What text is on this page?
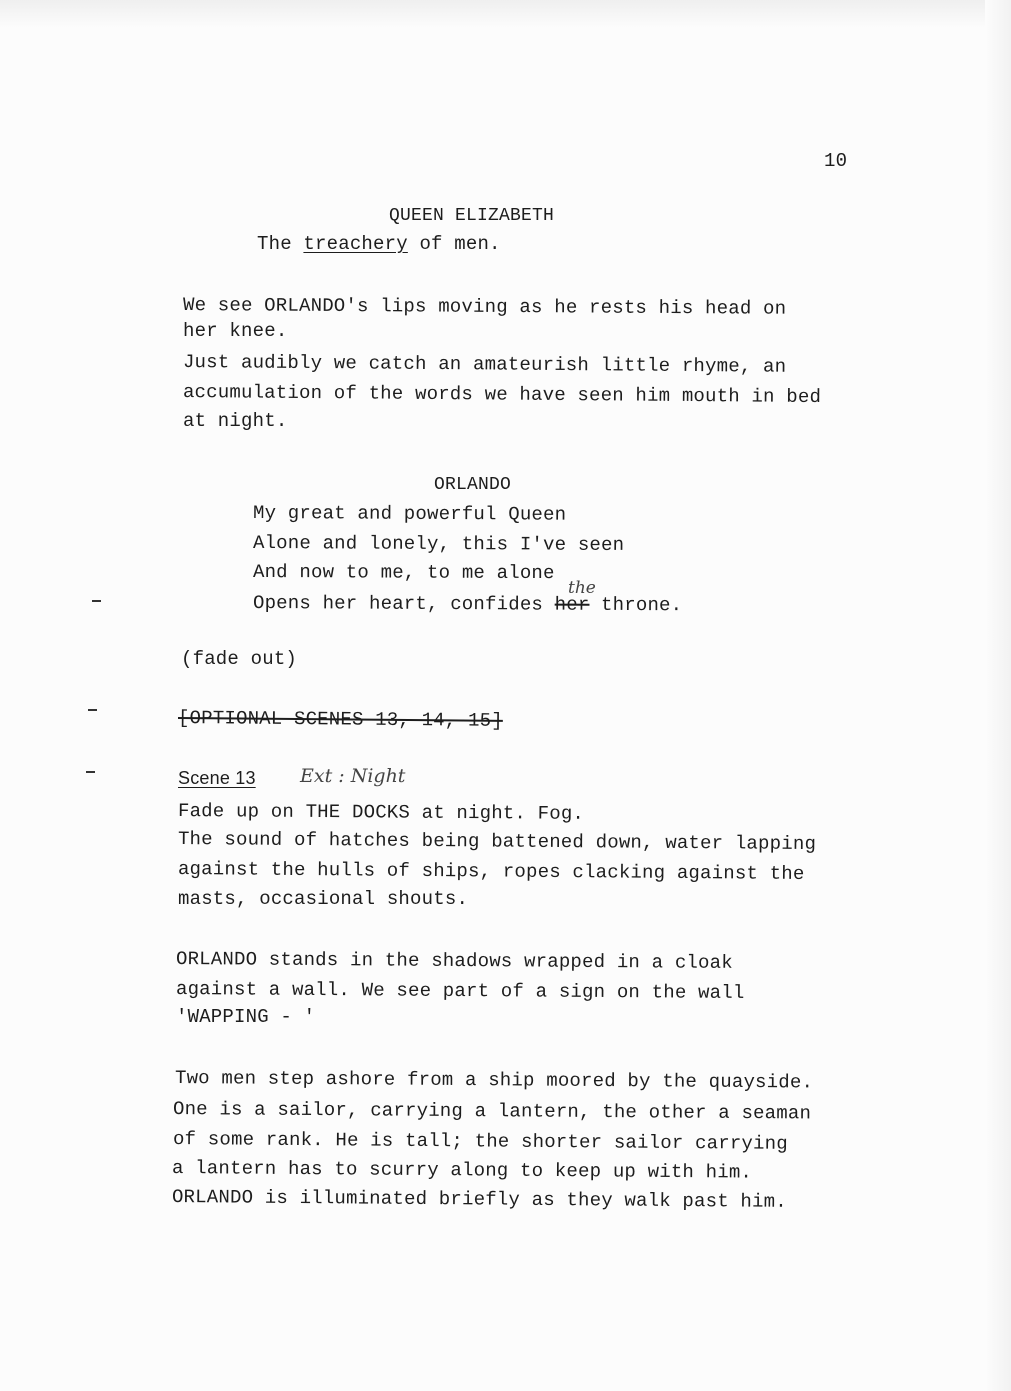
10
QUEEN ELIZABETH
The treachery of men.
We see ORLANDO's lips moving as he rests his head on
her knee.
Just audibly we catch an amateurish little rhyme, an
accumulation of the words we have seen him mouth in bed
at night.
ORLANDO
My great and powerful Queen
Alone and lonely, this I've seen
And now to me, to me alone
the
Opens her heart, confides her throne.
(fade out)
[OPTIONAL SCENES 13, 14, 15]
Scene 13 Ext : Night
Fade up on THE DOCKS at night. Fog.
The sound of hatches being battened down, water lapping
against the hulls of ships, ropes clacking against the
masts, occasional shouts.
ORLANDO stands in the shadows wrapped in a cloak
against a wall. We see part of a sign on the wall
'WAPPING - '
Two men step ashore from a ship moored by the quayside.
One is a sailor, carrying a lantern, the other a seaman
of some rank. He is tall; the shorter sailor carrying
a lantern has to scurry along to keep up with him.
ORLANDO is illuminated briefly as they walk past him.
